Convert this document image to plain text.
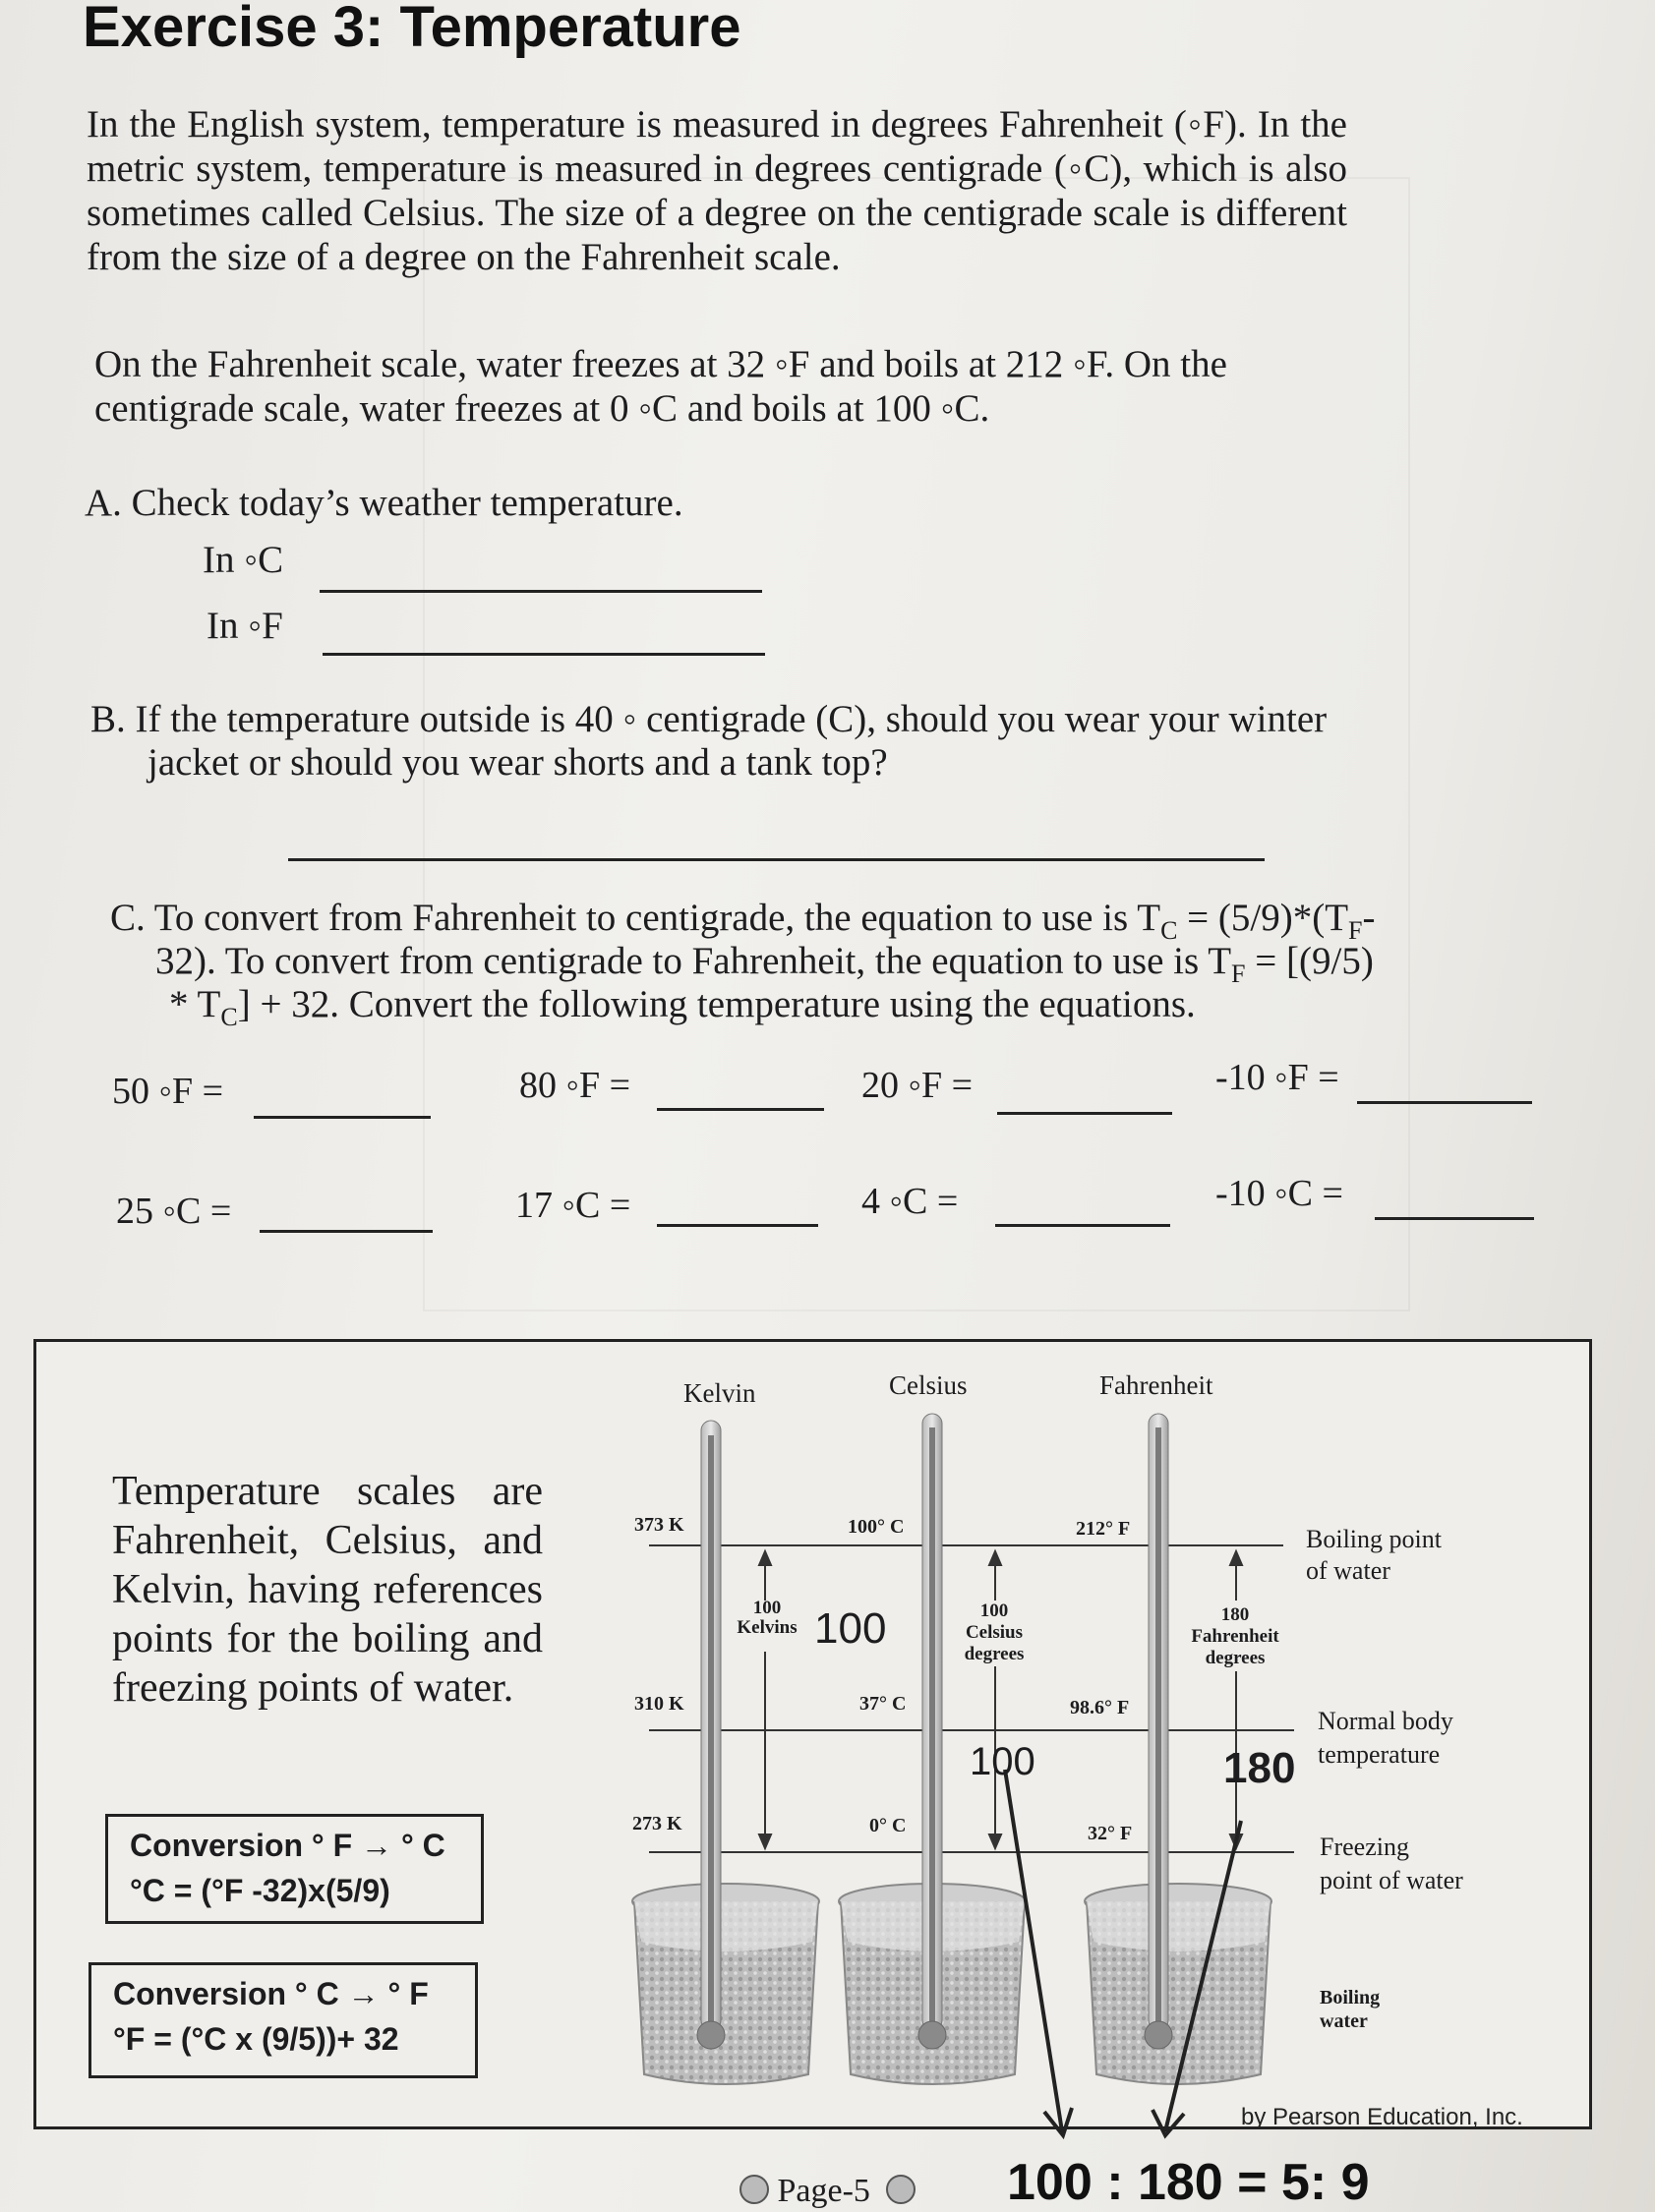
Exercise 3: Temperature
In the English system, temperature is measured in degrees Fahrenheit (◦F). In the metric system, temperature is measured in degrees centigrade (◦C), which is also sometimes called Celsius. The size of a degree on the centigrade scale is different from the size of a degree on the Fahrenheit scale.
On the Fahrenheit scale, water freezes at 32 ◦F and boils at 212 ◦F. On the
centigrade scale, water freezes at 0 ◦C and boils at 100 ◦C.
A. Check today’s weather temperature.
In ◦C
In ◦F
B. If the temperature outside is 40 ◦ centigrade (C), should you wear your winter
jacket or should you wear shorts and a tank top?
C. To convert from Fahrenheit to centigrade, the equation to use is $T_C = (5/9)*(T_F-$
32). To convert from centigrade to Fahrenheit, the equation to use is $T_F = [(9/5)$
* $T_C] + 32$. Convert the following temperature using the equations.
50 ◦F =	80 ◦F =	20 ◦F =	-10 ◦F =
25 ◦C =	17 ◦C =	4 ◦C =	-10 ◦C =
Temperature scales are Fahrenheit, Celsius, and Kelvin, having references points for the boiling and freezing points of water.
Conversion ° F → ° C
°C = (°F -32)x(5/9)
Conversion ° C → ° F
°F = (°C x (9/5))+ 32
Kelvin	Celsius	Fahrenheit
373 K
310 K
273 K
100° C
37° C
0° C
212° F
98.6° F
32° F
100
Kelvins 100	100
Celsius
degrees
100
180
Fahrenheit
degrees
180
Boiling point
of water
Normal body
temperature
Freezing
point of water
Boiling
water
by Pearson Education, Inc.
100 : 180 = 5: 9
Page-5
